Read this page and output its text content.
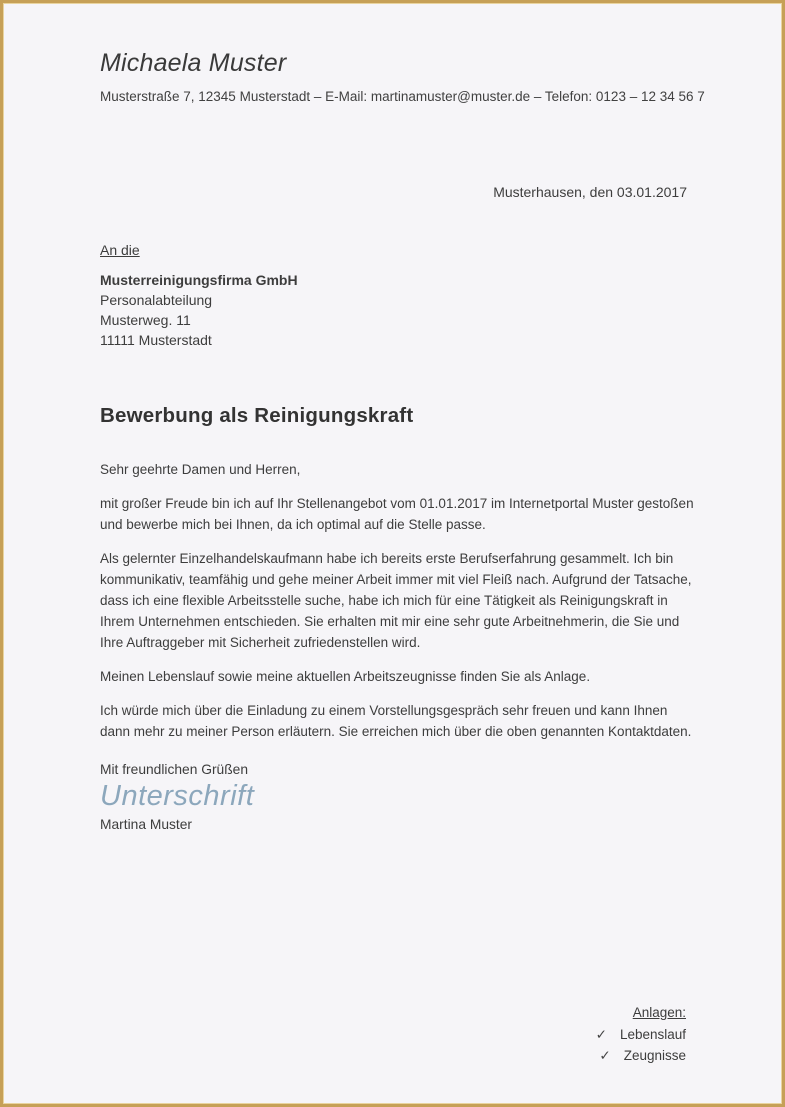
Michaela Muster
Musterstraße 7, 12345 Musterstadt – E-Mail: martinamuster@muster.de – Telefon: 0123 – 12 34 56 7
Musterhausen, den 03.01.2017
An die
Musterreinigungsfirma GmbH
Personalabteilung
Musterweg. 11
11111 Musterstadt
Bewerbung als Reinigungskraft

Sehr geehrte Damen und Herren,

mit großer Freude bin ich auf Ihr Stellenangebot vom 01.01.2017 im Internetportal Muster gestoßen und bewerbe mich bei Ihnen, da ich optimal auf die Stelle passe.

Als gelernter Einzelhandelskaufmann habe ich bereits erste Berufserfahrung gesammelt. Ich bin kommunikativ, teamfähig und gehe meiner Arbeit immer mit viel Fleiß nach. Aufgrund der Tatsache, dass ich eine flexible Arbeitsstelle suche, habe ich mich für eine Tätigkeit als Reinigungskraft in Ihrem Unternehmen entschieden. Sie erhalten mit mir eine sehr gute Arbeitnehmerin, die Sie und Ihre Auftraggeber mit Sicherheit zufriedenstellen wird.

Meinen Lebenslauf sowie meine aktuellen Arbeitszeugnisse finden Sie als Anlage.

Ich würde mich über die Einladung zu einem Vorstellungsgespräch sehr freuen und kann Ihnen dann mehr zu meiner Person erläutern. Sie erreichen mich über die oben genannten Kontaktdaten.

Mit freundlichen Grüßen
Unterschrift
Martina Muster
Anlagen:
✓ Lebenslauf
✓ Zeugnisse
